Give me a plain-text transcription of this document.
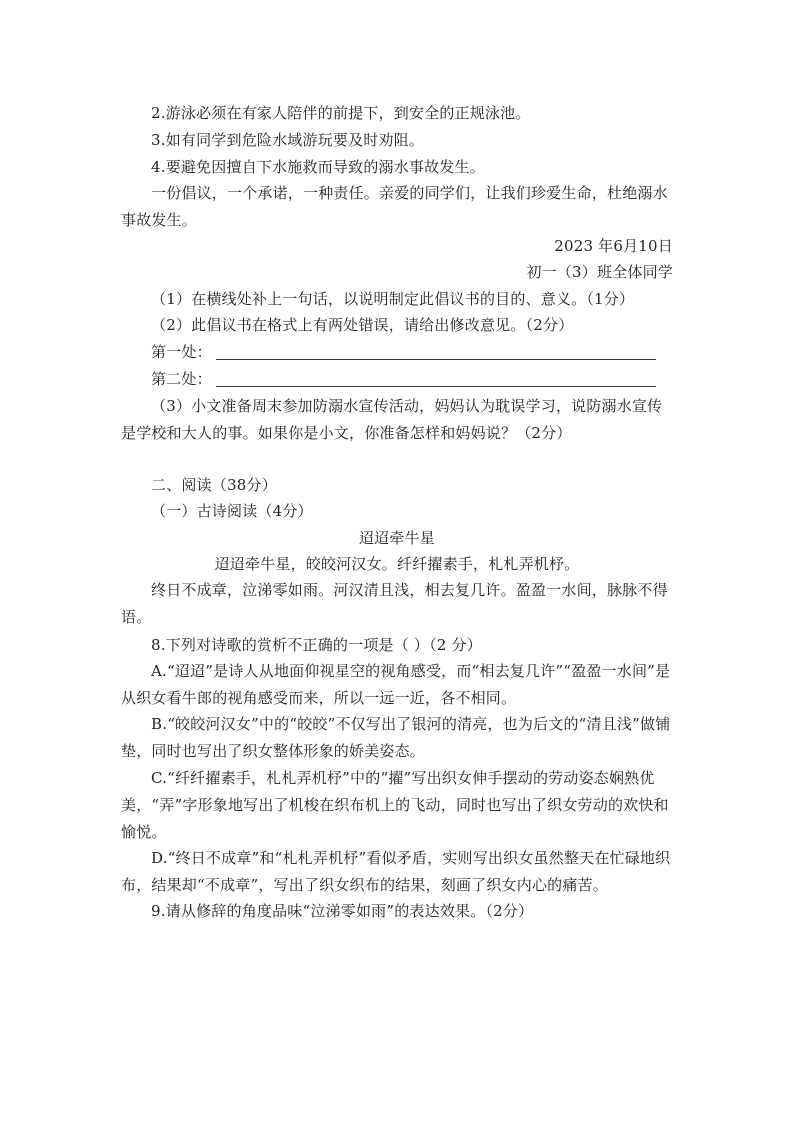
2.游泳必须在有家人陪伴的前提下，到安全的正规泳池。
3.如有同学到危险水域游玩要及时劝阻。
4.要避免因擅自下水施救而导致的溺水事故发生。
一份倡议，一个承诺，一种责任。亲爱的同学们，让我们珍爱生命，杜绝溺水事故发生。
2023 年6月10日
初一（3）班全体同学
（1）在横线处补上一句话，以说明制定此倡议书的目的、意义。（1分）
（2）此倡议书在格式上有两处错误，请给出修改意见。（2分）
第一处：
第二处：
（3）小文准备周末参加防溺水宣传活动，妈妈认为耽误学习，说防溺水宣传是学校和大人的事。如果你是小文，你准备怎样和妈妈说？（2分）
二、阅读（38分）
（一）古诗阅读（4分）
迢迢牵牛星
迢迢牵牛星，皎皎河汉女。纤纤擢素手，札札弄机杼。
终日不成章，泣涕零如雨。河汉清且浅，相去复几许。盈盈一水间，脉脉不得语。
8.下列对诗歌的赏析不正确的一项是（ ）（2 分）
A.“迢迢”是诗人从地面仰视星空的视角感受，而“相去复几许”“盈盈一水间”是从织女看牛郎的视角感受而来，所以一远一近，各不相同。
B.“皎皎河汉女”中的“皎皎”不仅写出了银河的清亮，也为后文的“清且浅”做铺垫，同时也写出了织女整体形象的娇美姿态。
C.“纤纤擢素手，札札弄机杼”中的“擢”写出织女伸手摆动的劳动姿态娴熟优美，“弄”字形象地写出了机梭在织布机上的飞动，同时也写出了织女劳动的欢快和愉悦。
D.“终日不成章”和“札札弄机杼”看似矛盾，实则写出织女虽然整天在忙碌地织布，结果却“不成章”，写出了织女织布的结果，刻画了织女内心的痛苦。
9.请从修辞的角度品味“泣涕零如雨”的表达效果。（2分）
